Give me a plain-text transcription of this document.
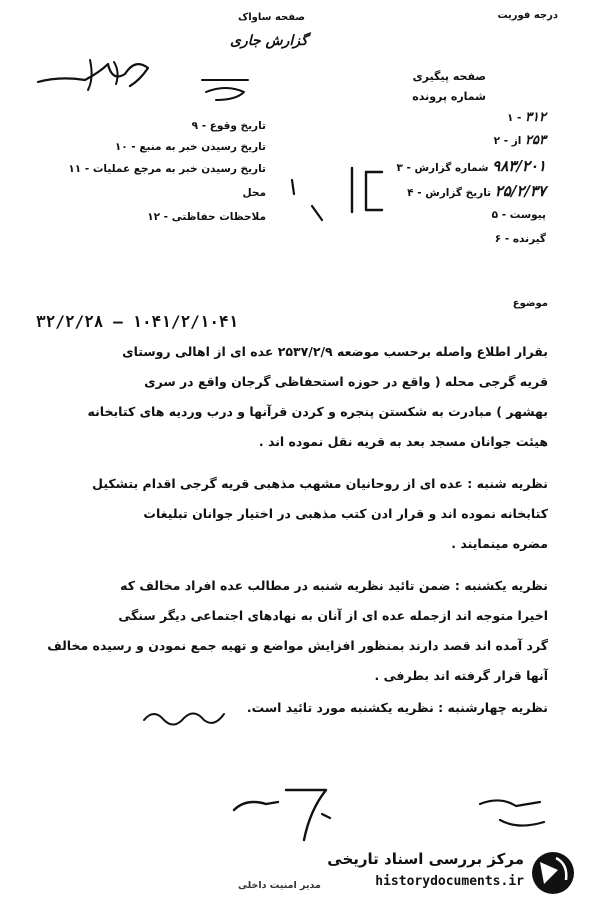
درجه فوریت
صفحه ساواک
گزارش جاری
صفحه پیگیری
شماره پرونده
تاریخ وقوع - ۹
تاریخ رسیدن خبر به منبع - ۱۰
تاریخ رسیدن خبر به مرجع عملیات - ۱۱
محل
ملاحظات حفاظتی - ۱۲
۳۱۲ - ۱
۲۵۳ از - ۲
۹۸۳/۲۰۱ شماره گزارش - ۳
۲۵/۲/۳۷ تاریخ گزارش - ۴
پیوست - ۵
گیرنده - ۶
موضوع
۳۲/۲/۲۸ — ۱۰۴۱/۲/۱۰۴۱
بقرار اطلاع واصله برحسب موضعه ۲۵۳۷/۲/۹ عده ای از اهالی روستای
قریه گرجی محله ( واقع در حوزه استحفاظی گرجان واقع در سری
بهشهر ) مبادرت به شکستن پنجره و کردن قرآنها و درب وردیه های کتابخانه
هیئت جوانان مسجد بعد به قریه نقل نموده اند .
نظریه شنبه : عده ای از روحانیان مشهب مذهبی قریه گرجی اقدام بتشکیل
کتابخانه نموده اند و قرار ادن کتب مذهبی در اختیار جوانان تبلیغات
مضره مینمایند .
نظریه یکشنبه : ضمن تائید نظریه شنبه در مطالب عده افراد مخالف که
اخیرا متوجه اند ازجمله عده ای از آنان به نهادهای اجتماعی دیگر سنگی
گرد آمده اند قصد دارند بمنظور افزایش مواضع و تهیه جمع نمودن و رسیده مخالف
آنها قرار گرفته اند بطرفی .
نظریه چهارشنبه : نظریه یکشنبه مورد تائید است.
مدیر امنیت داخلی
مرکز بررسی اسناد تاریخی
historydocuments.ir
